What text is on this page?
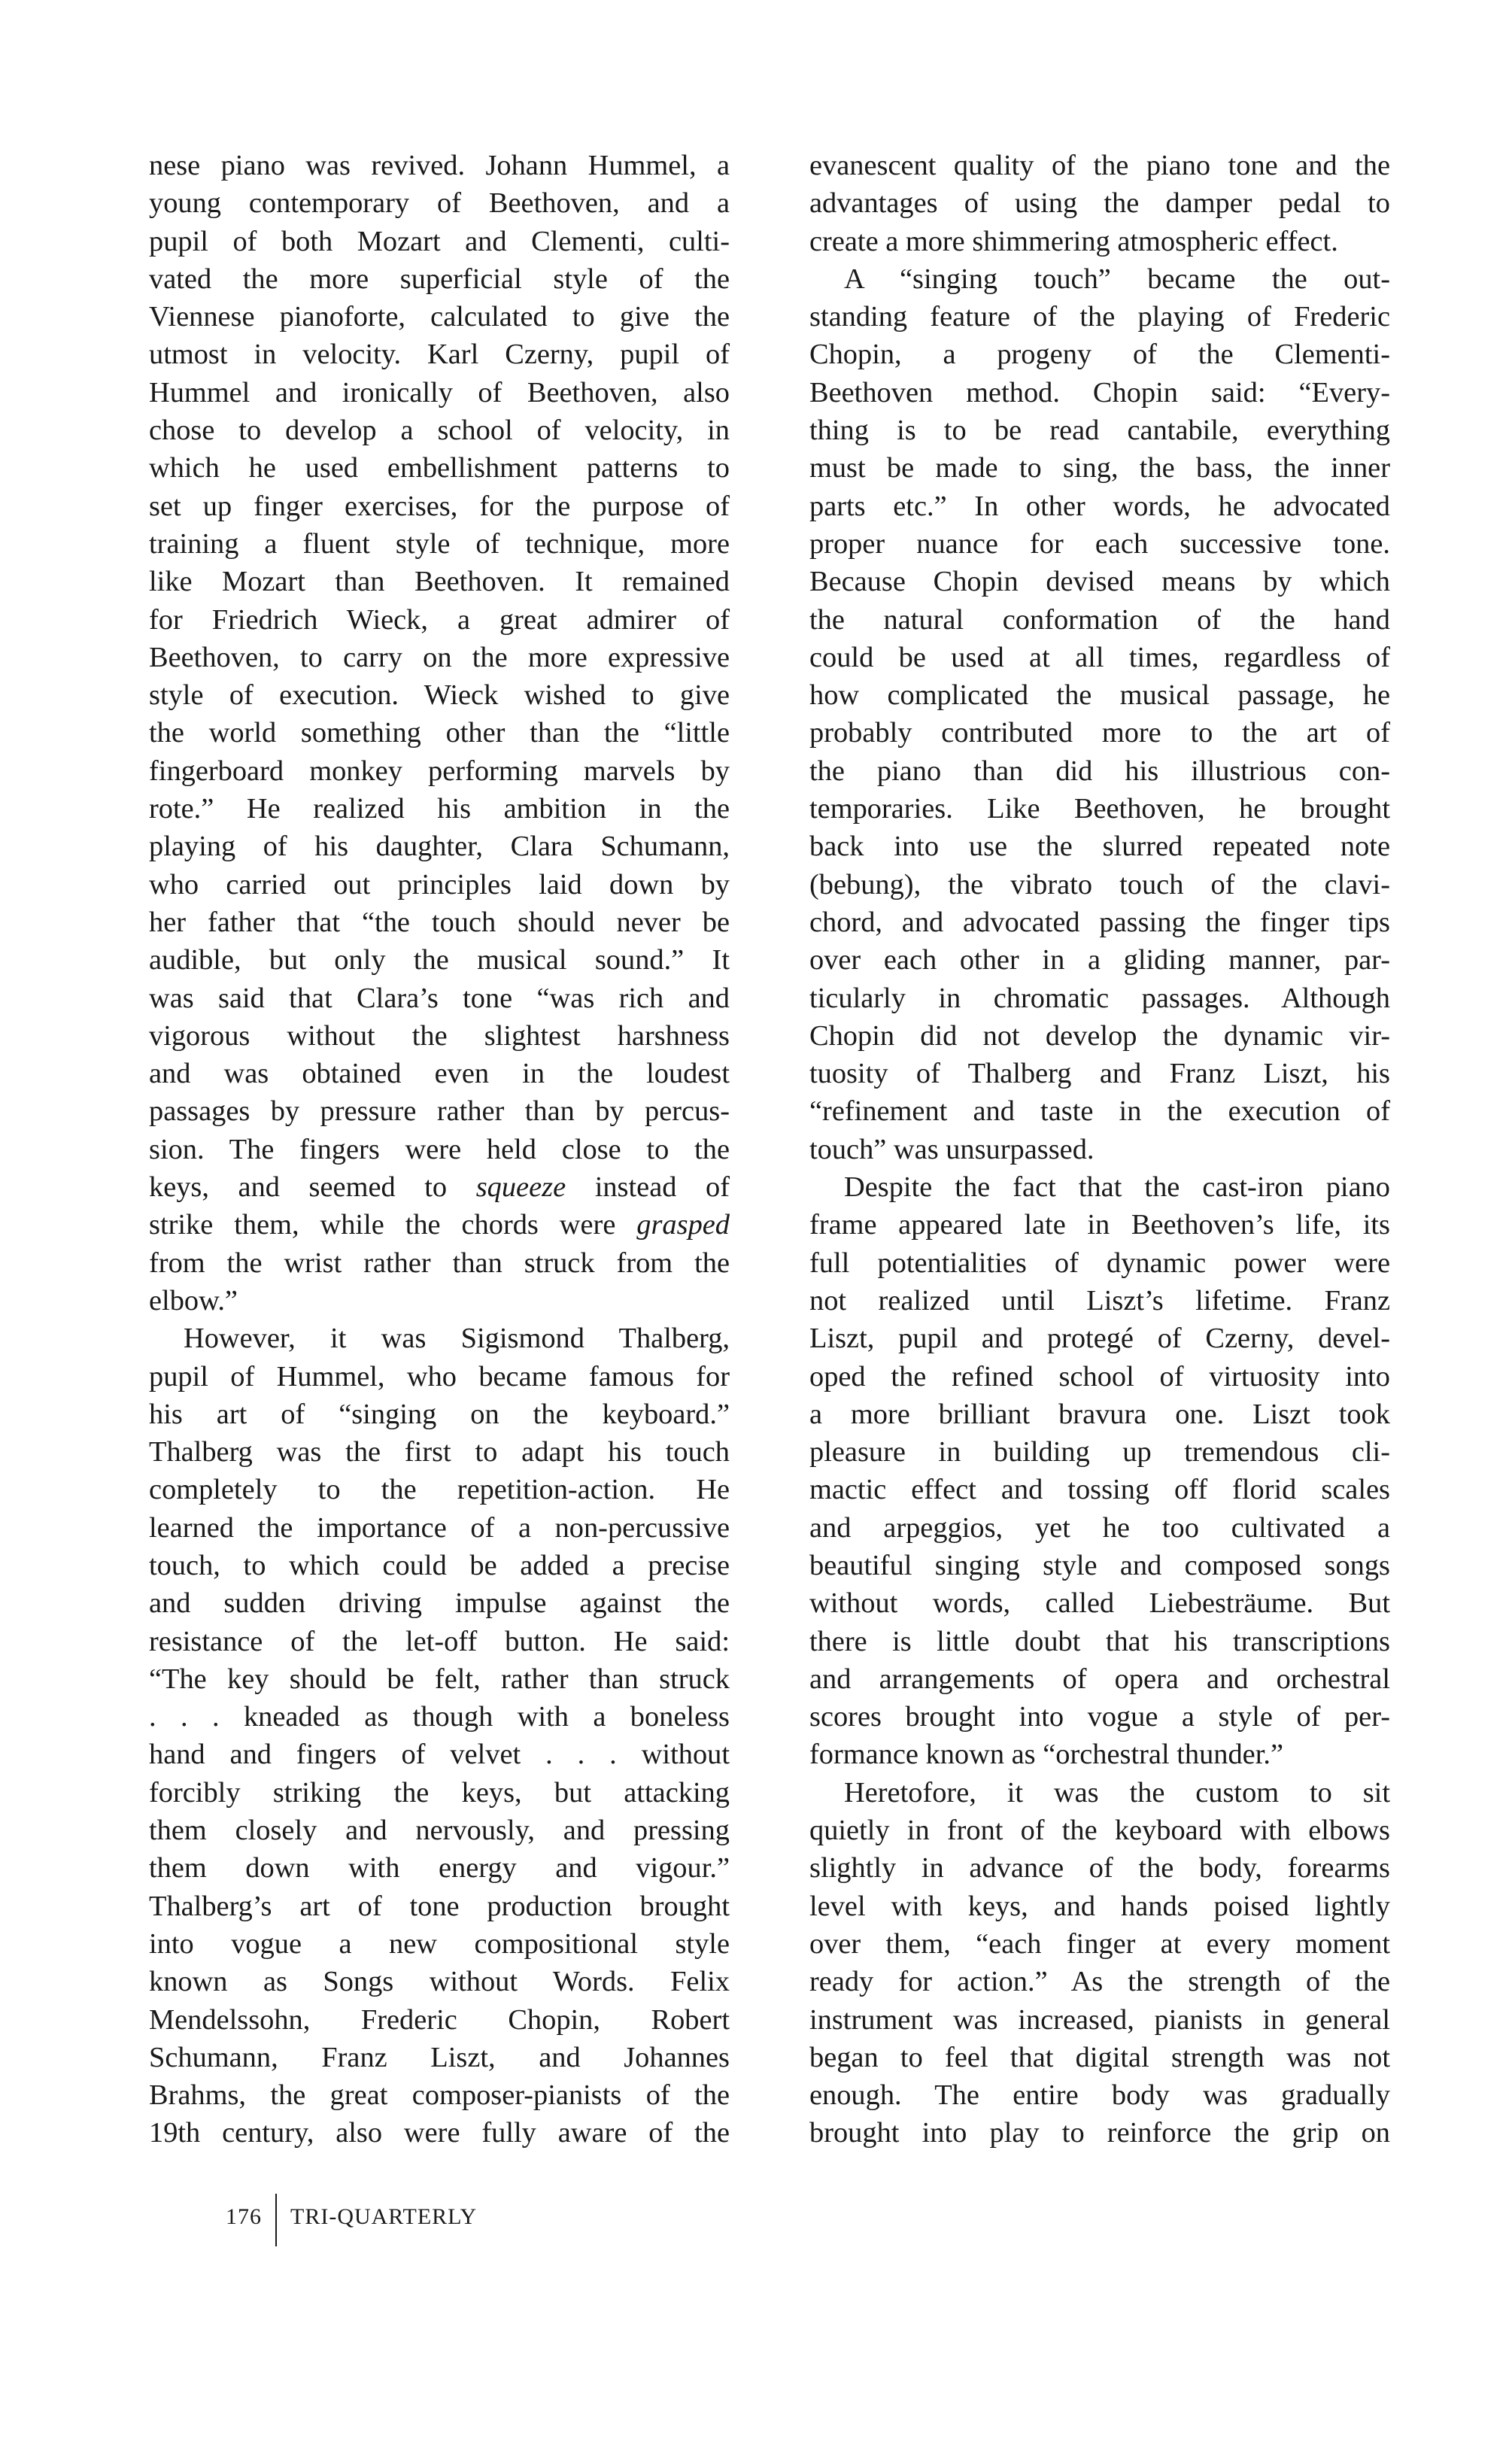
nese piano was revived. Johann Hummel, a
young contemporary of Beethoven, and a
pupil of both Mozart and Clementi, culti-
vated the more superficial style of the
Viennese pianoforte, calculated to give the
utmost in velocity. Karl Czerny, pupil of
Hummel and ironically of Beethoven, also
chose to develop a school of velocity, in
which he used embellishment patterns to
set up finger exercises, for the purpose of
training a fluent style of technique, more
like Mozart than Beethoven. It remained
for Friedrich Wieck, a great admirer of
Beethoven, to carry on the more expressive
style of execution. Wieck wished to give
the world something other than the “little
fingerboard monkey performing marvels by
rote.” He realized his ambition in the
playing of his daughter, Clara Schumann,
who carried out principles laid down by
her father that “the touch should never be
audible, but only the musical sound.” It
was said that Clara’s tone “was rich and
vigorous without the slightest harshness
and was obtained even in the loudest
passages by pressure rather than by percus-
sion. The fingers were held close to the
keys, and seemed to squeeze instead of
strike them, while the chords were grasped
from the wrist rather than struck from the
elbow.”
However, it was Sigismond Thalberg,
pupil of Hummel, who became famous for
his art of “singing on the keyboard.”
Thalberg was the first to adapt his touch
completely to the repetition-action. He
learned the importance of a non-percussive
touch, to which could be added a precise
and sudden driving impulse against the
resistance of the let-off button. He said:
“The key should be felt, rather than struck
. . . kneaded as though with a boneless
hand and fingers of velvet . . . without
forcibly striking the keys, but attacking
them closely and nervously, and pressing
them down with energy and vigour.”
Thalberg’s art of tone production brought
into vogue a new compositional style
known as Songs without Words. Felix
Mendelssohn, Frederic Chopin, Robert
Schumann, Franz Liszt, and Johannes
Brahms, the great composer-pianists of the
19th century, also were fully aware of the
evanescent quality of the piano tone and the
advantages of using the damper pedal to
create a more shimmering atmospheric effect.
A “singing touch” became the out-
standing feature of the playing of Frederic
Chopin, a progeny of the Clementi-
Beethoven method. Chopin said: “Every-
thing is to be read cantabile, everything
must be made to sing, the bass, the inner
parts etc.” In other words, he advocated
proper nuance for each successive tone.
Because Chopin devised means by which
the natural conformation of the hand
could be used at all times, regardless of
how complicated the musical passage, he
probably contributed more to the art of
the piano than did his illustrious con-
temporaries. Like Beethoven, he brought
back into use the slurred repeated note
(bebung), the vibrato touch of the clavi-
chord, and advocated passing the finger tips
over each other in a gliding manner, par-
ticularly in chromatic passages. Although
Chopin did not develop the dynamic vir-
tuosity of Thalberg and Franz Liszt, his
“refinement and taste in the execution of
touch” was unsurpassed.
Despite the fact that the cast-iron piano
frame appeared late in Beethoven’s life, its
full potentialities of dynamic power were
not realized until Liszt’s lifetime. Franz
Liszt, pupil and protegé of Czerny, devel-
oped the refined school of virtuosity into
a more brilliant bravura one. Liszt took
pleasure in building up tremendous cli-
mactic effect and tossing off florid scales
and arpeggios, yet he too cultivated a
beautiful singing style and composed songs
without words, called Liebesträume. But
there is little doubt that his transcriptions
and arrangements of opera and orchestral
scores brought into vogue a style of per-
formance known as “orchestral thunder.”
Heretofore, it was the custom to sit
quietly in front of the keyboard with elbows
slightly in advance of the body, forearms
level with keys, and hands poised lightly
over them, “each finger at every moment
ready for action.” As the strength of the
instrument was increased, pianists in general
began to feel that digital strength was not
enough. The entire body was gradually
brought into play to reinforce the grip on
176 TRI-QUARTERLY
